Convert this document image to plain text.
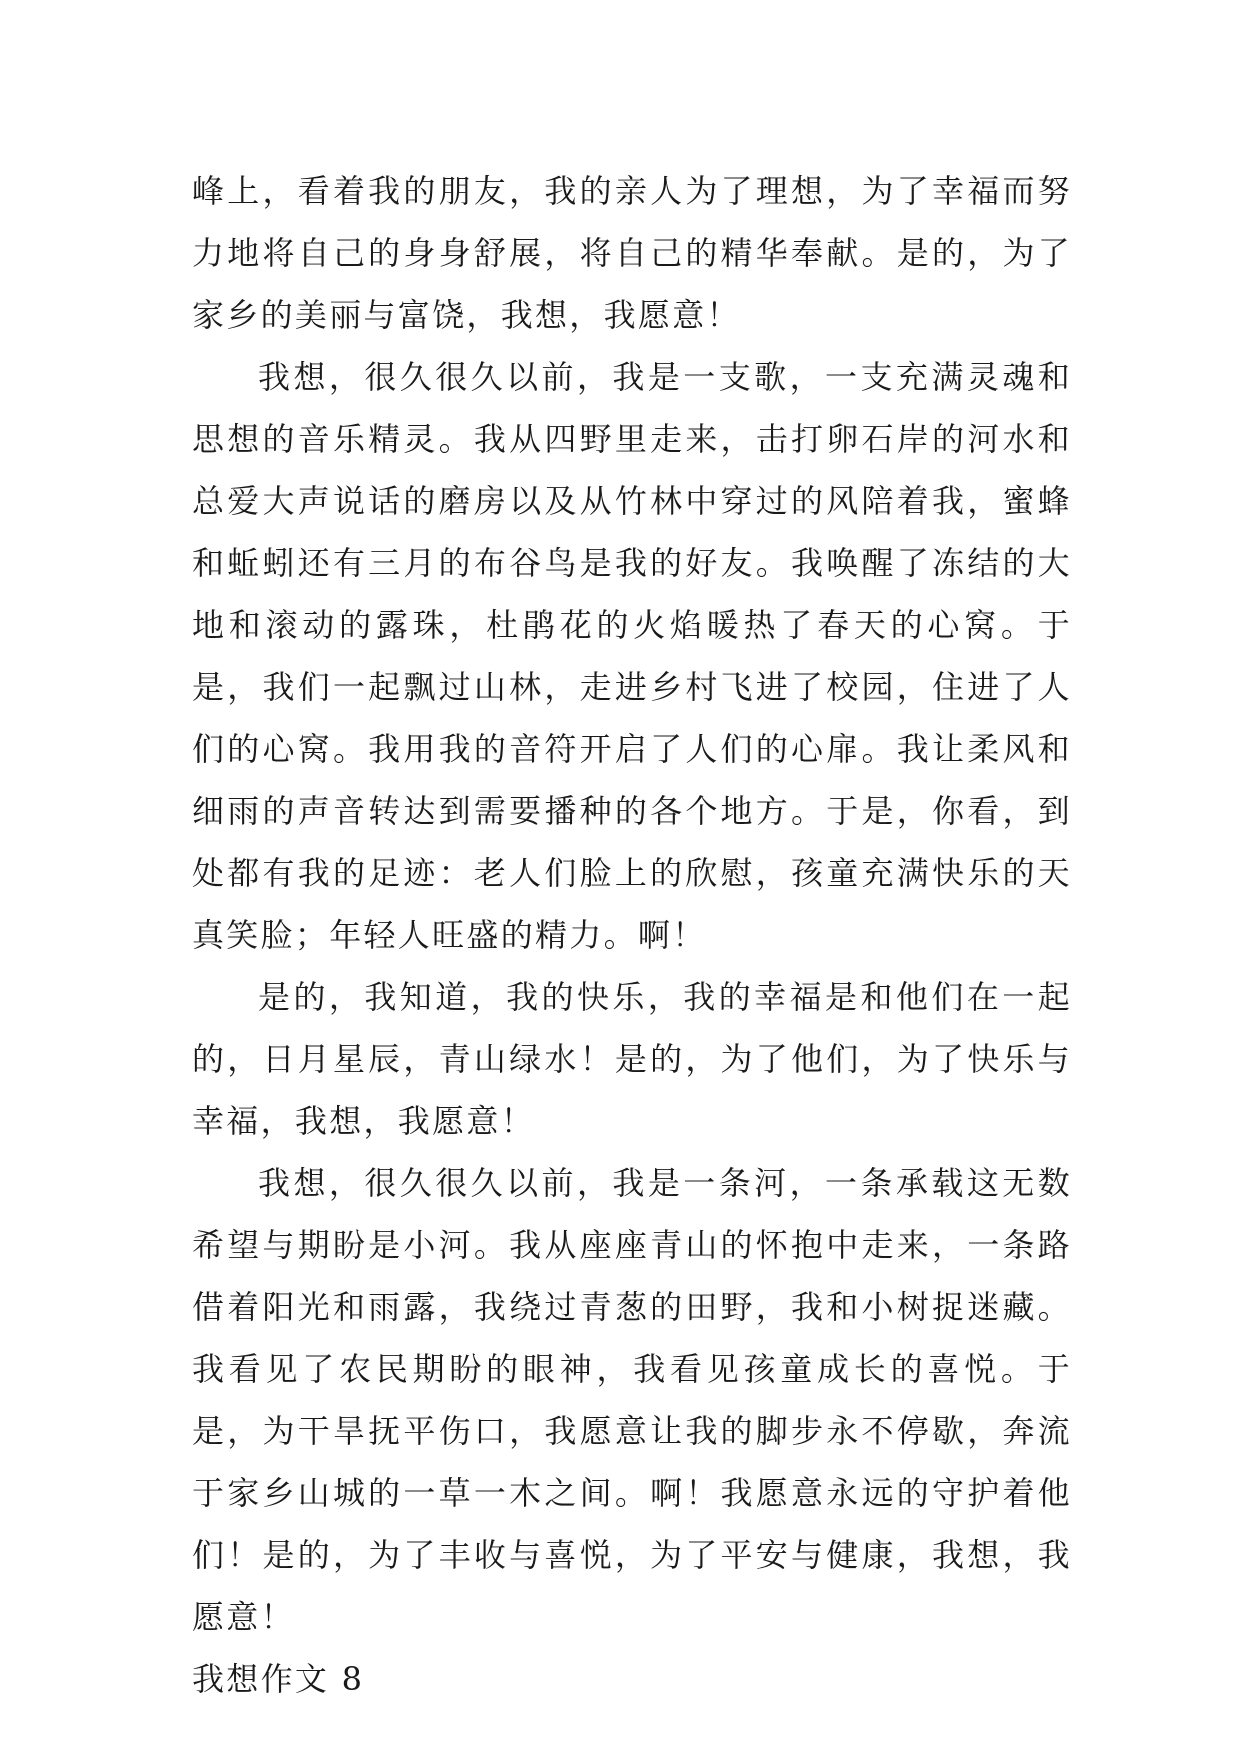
峰上，看着我的朋友，我的亲人为了理想，为了幸福而努力地将自己的身身舒展，将自己的精华奉献。是的，为了家乡的美丽与富饶，我想，我愿意！

我想，很久很久以前，我是一支歌，一支充满灵魂和思想的音乐精灵。我从四野里走来，击打卵石岸的河水和总爱大声说话的磨房以及从竹林中穿过的风陪着我，蜜蜂和蚯蚓还有三月的布谷鸟是我的好友。我唤醒了冻结的大地和滚动的露珠，杜鹃花的火焰暖热了春天的心窝。于是，我们一起飘过山林，走进乡村飞进了校园，住进了人们的心窝。我用我的音符开启了人们的心扉。我让柔风和细雨的声音转达到需要播种的各个地方。于是，你看，到处都有我的足迹：老人们脸上的欣慰，孩童充满快乐的天真笑脸；年轻人旺盛的精力。啊！

是的，我知道，我的快乐，我的幸福是和他们在一起的，日月星辰，青山绿水！是的，为了他们，为了快乐与幸福，我想，我愿意！

我想，很久很久以前，我是一条河，一条承载这无数希望与期盼是小河。我从座座青山的怀抱中走来，一条路借着阳光和雨露，我绕过青葱的田野，我和小树捉迷藏。我看见了农民期盼的眼神，我看见孩童成长的喜悦。于是，为干旱抚平伤口，我愿意让我的脚步永不停歇，奔流于家乡山城的一草一木之间。啊！我愿意永远的守护着他们！是的，为了丰收与喜悦，为了平安与健康，我想，我愿意！

我想作文 8
